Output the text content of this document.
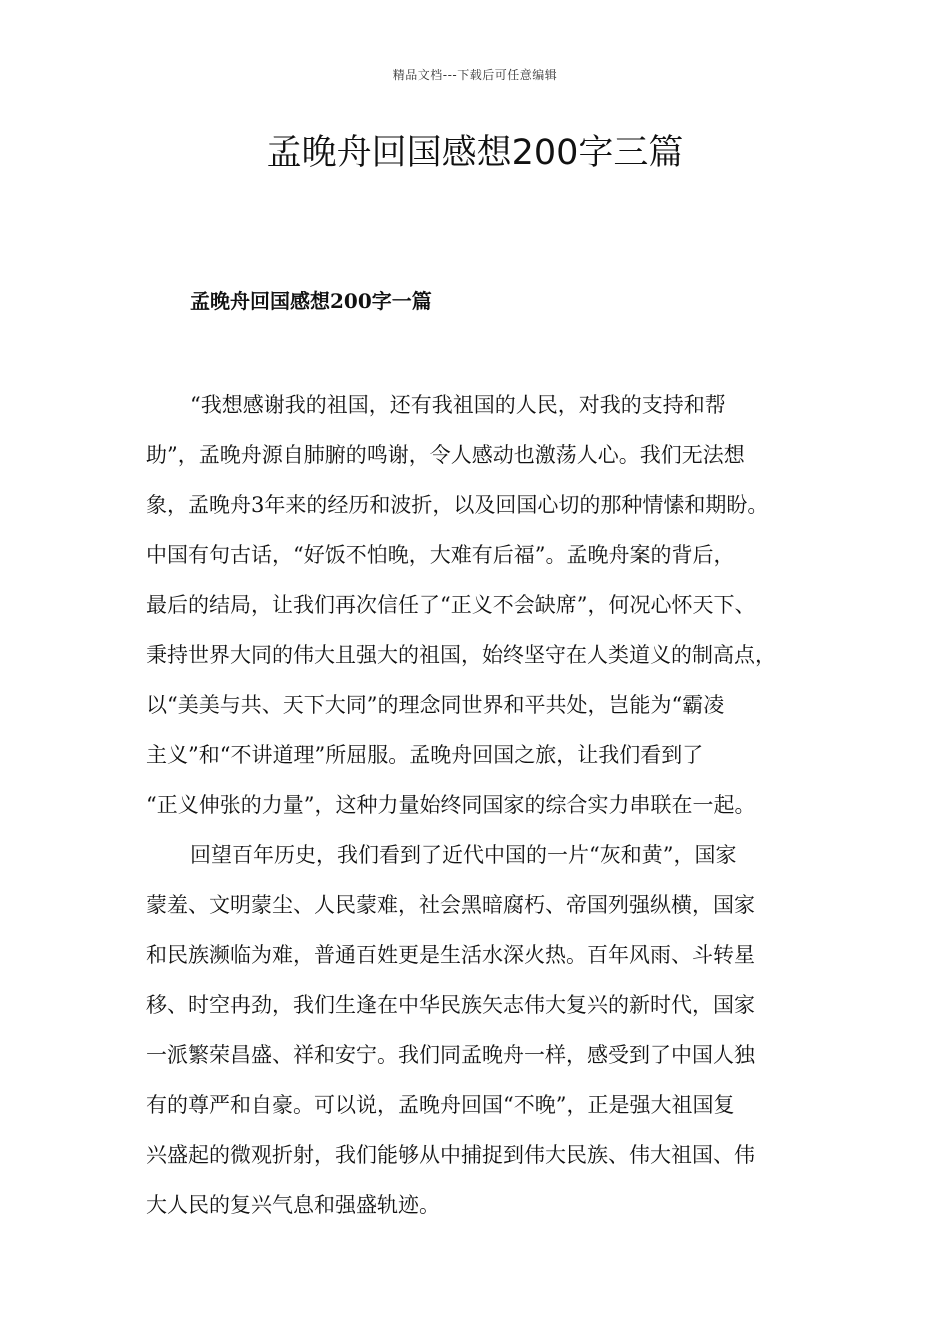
精品文档---下载后可任意编辑
孟晚舟回国感想200字三篇
孟晚舟回国感想200字一篇
“我想感谢我的祖国，还有我祖国的人民，对我的支持和帮
助”，孟晚舟源自肺腑的鸣谢，令人感动也激荡人心。我们无法想
象，孟晚舟3年来的经历和波折，以及回国心切的那种情愫和期盼。
中国有句古话，“好饭不怕晚，大难有后福”。孟晚舟案的背后，
最后的结局，让我们再次信任了“正义不会缺席”，何况心怀天下、
秉持世界大同的伟大且强大的祖国，始终坚守在人类道义的制高点，
以“美美与共、天下大同”的理念同世界和平共处，岂能为“霸凌
主义”和“不讲道理”所屈服。孟晚舟回国之旅，让我们看到了
“正义伸张的力量”，这种力量始终同国家的综合实力串联在一起。
回望百年历史，我们看到了近代中国的一片“灰和黄”，国家
蒙羞、文明蒙尘、人民蒙难，社会黑暗腐朽、帝国列强纵横，国家
和民族濒临为难，普通百姓更是生活水深火热。百年风雨、斗转星
移、时空冉劲，我们生逢在中华民族矢志伟大复兴的新时代，国家
一派繁荣昌盛、祥和安宁。我们同孟晚舟一样，感受到了中国人独
有的尊严和自豪。可以说，孟晚舟回国“不晚”，正是强大祖国复
兴盛起的微观折射，我们能够从中捕捉到伟大民族、伟大祖国、伟
大人民的复兴气息和强盛轨迹。
